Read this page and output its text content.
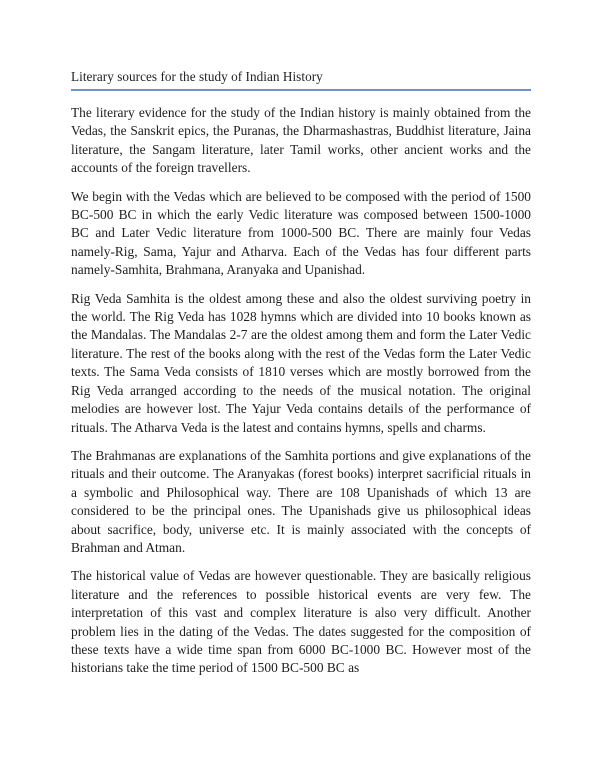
Literary sources for the study of Indian History

The literary evidence for the study of the Indian history is mainly obtained from the Vedas, the Sanskrit epics, the Puranas, the Dharmashastras, Buddhist literature, Jaina literature, the Sangam literature, later Tamil works, other ancient works and the accounts of the foreign travellers.

We begin with the Vedas which are believed to be composed with the period of 1500 BC-500 BC in which the early Vedic literature was composed between 1500-1000 BC and Later Vedic literature from 1000-500 BC. There are mainly four Vedas namely-Rig, Sama, Yajur and Atharva. Each of the Vedas has four different parts namely-Samhita, Brahmana, Aranyaka and Upanishad.

Rig Veda Samhita is the oldest among these and also the oldest surviving poetry in the world. The Rig Veda has 1028 hymns which are divided into 10 books known as the Mandalas. The Mandalas 2-7 are the oldest among them and form the Later Vedic literature. The rest of the books along with the rest of the Vedas form the Later Vedic texts. The Sama Veda consists of 1810 verses which are mostly borrowed from the Rig Veda arranged according to the needs of the musical notation. The original melodies are however lost. The Yajur Veda contains details of the performance of rituals. The Atharva Veda is the latest and contains hymns, spells and charms.

The Brahmanas are explanations of the Samhita portions and give explanations of the rituals and their outcome. The Aranyakas (forest books) interpret sacrificial rituals in a symbolic and Philosophical way. There are 108 Upanishads of which 13 are considered to be the principal ones. The Upanishads give us philosophical ideas about sacrifice, body, universe etc. It is mainly associated with the concepts of Brahman and Atman.

The historical value of Vedas are however questionable. They are basically religious literature and the references to possible historical events are very few. The interpretation of this vast and complex literature is also very difficult. Another problem lies in the dating of the Vedas. The dates suggested for the composition of these texts have a wide time span from 6000 BC-1000 BC. However most of the historians take the time period of 1500 BC-500 BC as
